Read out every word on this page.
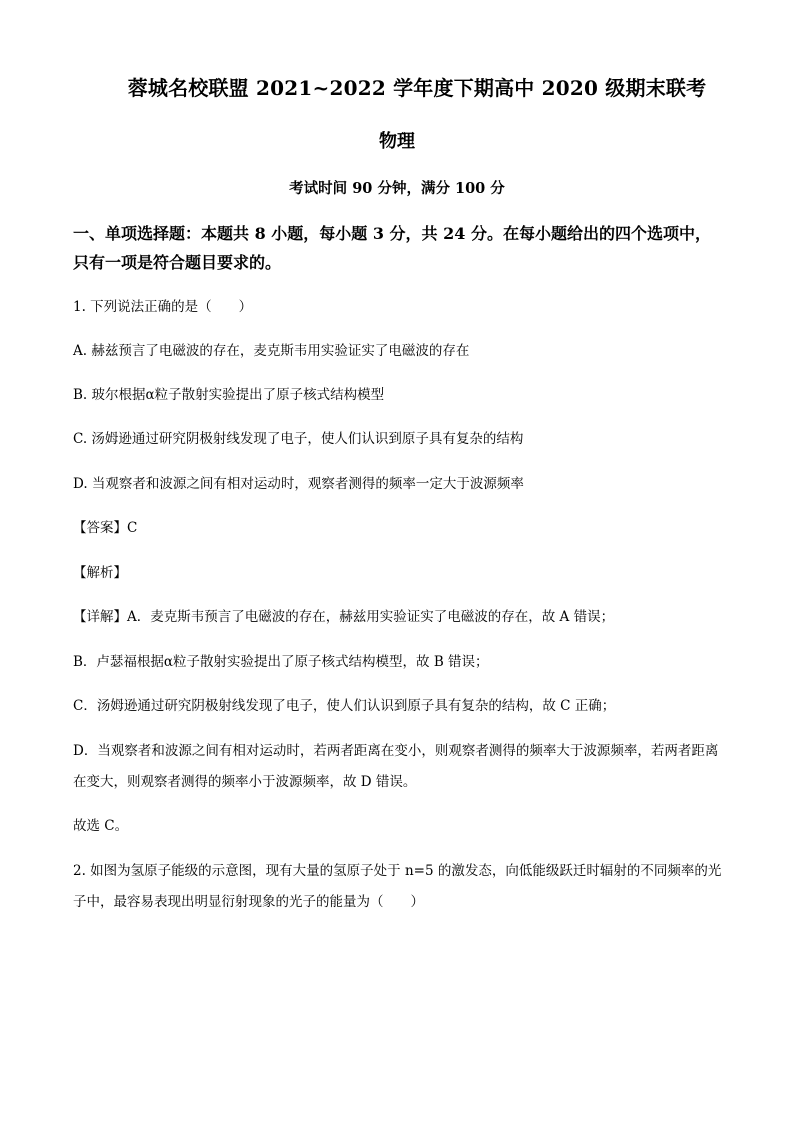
蓉城名校联盟 2021~2022 学年度下期高中 2020 级期末联考
物理
考试时间 90 分钟，满分 100 分
一、单项选择题：本题共 8 小题，每小题 3 分，共 24 分。在每小题给出的四个选项中，只有一项是符合题目要求的。
1. 下列说法正确的是（　　）
A. 赫兹预言了电磁波的存在，麦克斯韦用实验证实了电磁波的存在
B. 玻尔根据α粒子散射实验提出了原子核式结构模型
C. 汤姆逊通过研究阴极射线发现了电子，使人们认识到原子具有复杂的结构
D. 当观察者和波源之间有相对运动时，观察者测得的频率一定大于波源频率
【答案】C
【解析】
【详解】A．麦克斯韦预言了电磁波的存在，赫兹用实验证实了电磁波的存在，故 A 错误；
B．卢瑟福根据α粒子散射实验提出了原子核式结构模型，故 B 错误；
C．汤姆逊通过研究阴极射线发现了电子，使人们认识到原子具有复杂的结构，故 C 正确；
D．当观察者和波源之间有相对运动时，若两者距离在变小，则观察者测得的频率大于波源频率，若两者距离在变大，则观察者测得的频率小于波源频率，故 D 错误。
故选 C。
2. 如图为氢原子能级的示意图，现有大量的氢原子处于 n=5 的激发态，向低能级跃迁时辐射的不同频率的光子中，最容易表现出明显衍射现象的光子的能量为（　　）
